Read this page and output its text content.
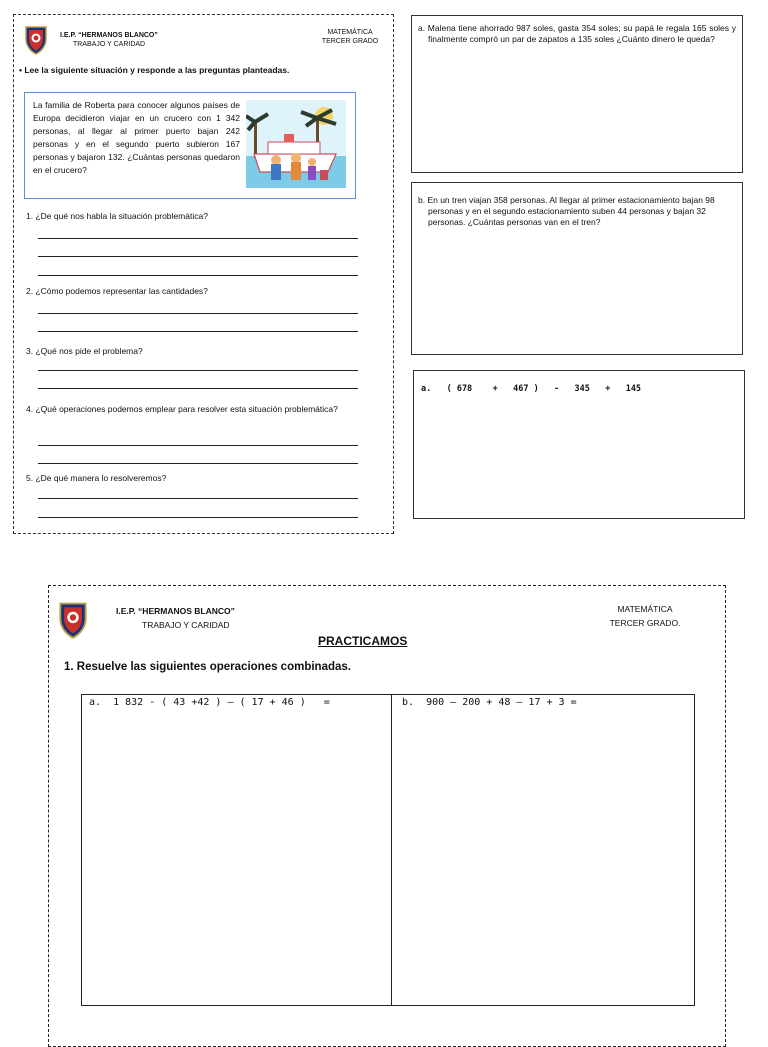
I.E.P. “HERMANOS BLANCO”
TRABAJO Y CARIDAD
MATEMÁTICA
TERCER GRADO
• Lee la siguiente situación y responde a las preguntas planteadas.
La familia de Roberta para conocer algunos países de Europa decidieron viajar en un crucero con 1 342 personas, al llegar al primer puerto bajan 242 personas y en el segundo puerto subieron 167 personas y bajaron 132. ¿Cuántas personas quedaron en el crucero?
1. ¿De qué nos habla la situación problemática?
2. ¿Cómo podemos representar las cantidades?
3. ¿Qué nos pide el problema?
4. ¿Qué operaciones podemos emplear para resolver esta situación problemática?
5. ¿De qué manera lo resolveremos?
a. Malena tiene ahorrado 987 soles, gasta 354 soles; su papá le regala 165 soles y finalmente compró un par de zapatos a 135 soles ¿Cuánto dinero le queda?
b. En un tren viajan 358 personas. Al llegar al primer estacionamiento bajan 98 personas y en el segundo estacionamiento suben 44 personas y bajan 32 personas. ¿Cuántas personas van en el tren?
a.   ( 678    +   467 )   -   345   +   145
I.E.P. “HERMANOS BLANCO”
TRABAJO Y CARIDAD
MATEMÁTICA
TERCER GRADO.
PRACTICAMOS
1. Resuelve las siguientes operaciones combinadas.
a.  1 832 - ( 43 +42 ) – ( 17 + 46 )   =	b.  900 – 200 + 48 – 17 + 3 =
